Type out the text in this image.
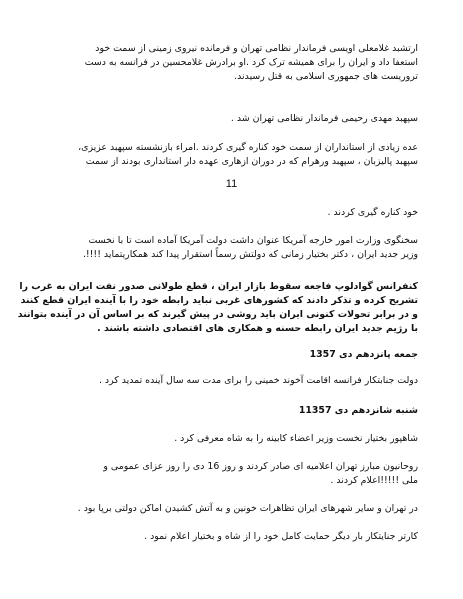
ارتشبد غلامعلی اویسی فرماندار نظامی تهران و فرمانده نیروی زمینی از سمت خود
استعفا داد و ایران را برای همیشه ترک کرد .او برادرش غلامحسین در فرانسه به دست
تروریست های جمهوری اسلامی به قتل رسیدند.

سپهبد مهدی رحیمی فرماندار نظامی تهران شد .

عده زیادی از استانداران از سمت خود کناره گیری کردند .امراء بازنشسته سپهبد عزیزی،
سپهبد پالیزبان ، سپهبد ورهرام که در دوران ازهاری عهده دار استانداری بودند از سمت

11

خود کناره گیری کردند .

سخنگوی وزارت امور خارجه آمریکا عنوان داشت دولت آمریکا آماده است تا با نخست
وزیر جدید ایران ، دکتر بختیار زمانی که دولتش رسماً استقرار پیدا کند همکاریتماید !!!!.

کنفرانس گوادلوپ فاجعه سقوط بازار ایران ، قطع طولانی صدور نفت ایران به غرب را
تشریح کرده و تذکر دادند که کشورهای غربی نباید رابطه خود را با آینده ایران قطع کنند
و در برابر تحولات کنونی ایران باید روشی در پیش گیرند که بر اساس آن در آینده بتوانند
با رژیم جدید ایران رابطه حسنه و همکاری های اقتصادی داشته باشند .

جمعه پانزدهم دی 1357

دولت جنابتکار فرانسه اقامت آخوند خمینی را برای مدت سه سال آینده تمدید کرد .

شنبه شانزدهم دی 11357

شاهپور بختیار نخست وزیر اعضاء کابینه را به شاه معرفی کرد .

روحانیون مبارز تهران اعلامیه ای صادر کردند و روز 16 دی را روز عزای عمومی و
ملی !!!!!اعلام کردند .

در تهران و سایر شهرهای ایران تظاهرات خونین و به آتش کشیدن اماکن دولتی برپا بود .

کارتر جنایتکار بار دیگر حمایت کامل خود را از شاه و بختیار اعلام نمود .
